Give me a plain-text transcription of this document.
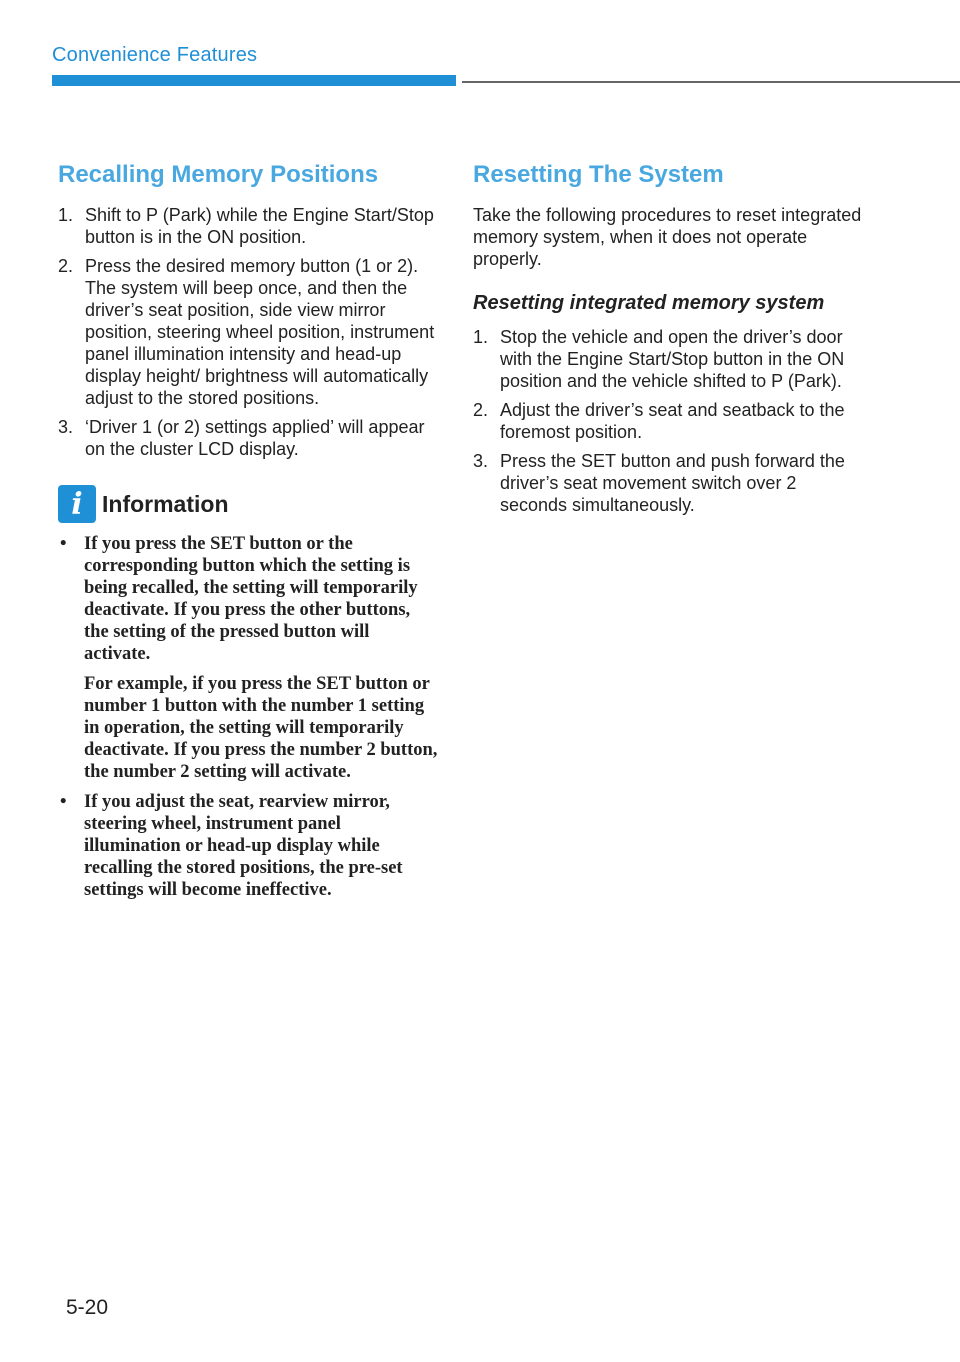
Convenience Features
Recalling Memory Positions
1. Shift to P (Park) while the Engine Start/Stop button is in the ON position.
2. Press the desired memory button (1 or 2). The system will beep once, and then the driver’s seat position, side view mirror position, steering wheel position, instrument panel illumination intensity and head-up display height/ brightness will automatically adjust to the stored positions.
3. ‘Driver 1 (or 2) settings applied’ will appear on the cluster LCD display.
i Information
• If you press the SET button or the corresponding button which the setting is being recalled, the setting will temporarily deactivate. If you press the other buttons, the setting of the pressed button will activate.
For example, if you press the SET button or number 1 button with the number 1 setting in operation, the setting will temporarily deactivate. If you press the number 2 button, the number 2 setting will activate.
• If you adjust the seat, rearview mirror, steering wheel, instrument panel illumination or head-up display while recalling the stored positions, the pre-set settings will become ineffective.
Resetting The System

Take the following procedures to reset integrated memory system, when it does not operate properly.

Resetting integrated memory system
1. Stop the vehicle and open the driver’s door with the Engine Start/Stop button in the ON position and the vehicle shifted to P (Park).
2. Adjust the driver’s seat and seatback to the foremost position.
3. Press the SET button and push forward the driver’s seat movement switch over 2 seconds simultaneously.
5-20
